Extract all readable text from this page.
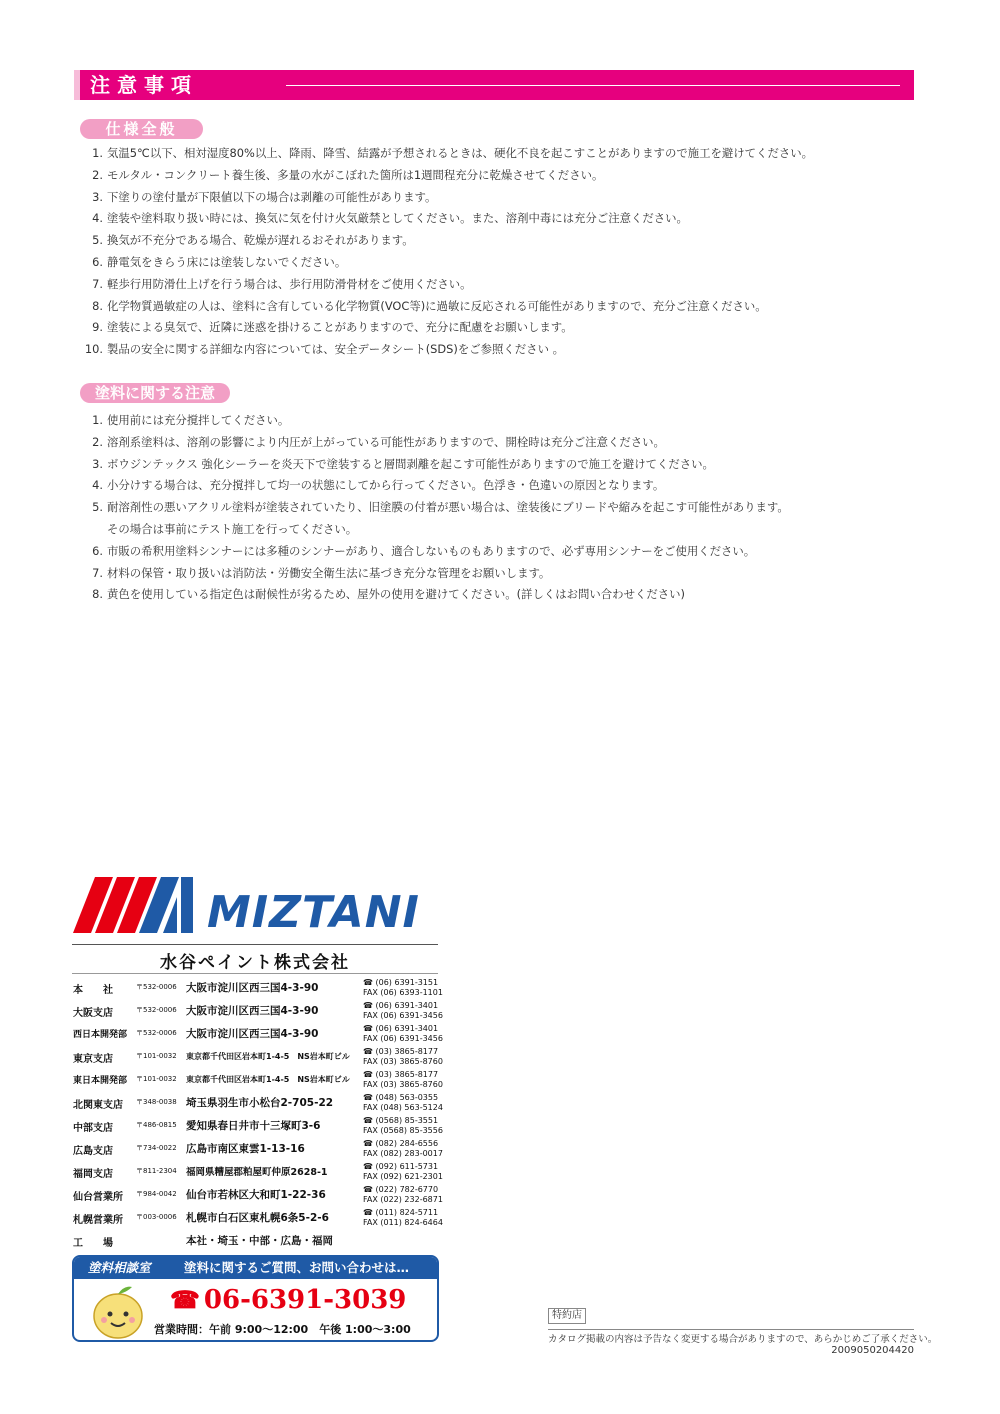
注意事項
仕様全般
1. 気温5℃以下、相対湿度80%以上、降雨、降雪、結露が予想されるときは、硬化不良を起こすことがありますので施工を避けてください。
2. モルタル・コンクリート養生後、多量の水がこぼれた箇所は1週間程充分に乾燥させてください。
3. 下塗りの塗付量が下限値以下の場合は剥離の可能性があります。
4. 塗装や塗料取り扱い時には、換気に気を付け火気厳禁としてください。また、溶剤中毒には充分ご注意ください。
5. 換気が不充分である場合、乾燥が遅れるおそれがあります。
6. 静電気をきらう床には塗装しないでください。
7. 軽歩行用防滑仕上げを行う場合は、歩行用防滑骨材をご使用ください。
8. 化学物質過敏症の人は、塗料に含有している化学物質(VOC等)に過敏に反応される可能性がありますので、充分ご注意ください。
9. 塗装による臭気で、近隣に迷惑を掛けることがありますので、充分に配慮をお願いします。
10. 製品の安全に関する詳細な内容については、安全データシート(SDS)をご参照ください 。
塗料に関する注意
1. 使用前には充分撹拌してください。
2. 溶剤系塗料は、溶剤の影響により内圧が上がっている可能性がありますので、開栓時は充分ご注意ください。
3. ボウジンテックス 強化シーラーを炎天下で塗装すると層間剥離を起こす可能性がありますので施工を避けてください。
4. 小分けする場合は、充分撹拌して均一の状態にしてから行ってください。色浮き・色違いの原因となります。
5. 耐溶剤性の悪いアクリル塗料が塗装されていたり、旧塗膜の付着が悪い場合は、塗装後にブリードや縮みを起こす可能性があります。
その場合は事前にテスト施工を行ってください。
6. 市販の希釈用塗料シンナーには多種のシンナーがあり、適合しないものもありますので、必ず専用シンナーをご使用ください。
7. 材料の保管・取り扱いは消防法・労働安全衛生法に基づき充分な管理をお願いします。
8. 黄色を使用している指定色は耐候性が劣るため、屋外の使用を避けてください。(詳しくはお問い合わせください)
MIZTANI
水谷ペイント株式会社
本　　社	〒532-0006 大阪市淀川区西三国4-3-90	☎ (06) 6391-3151
FAX (06) 6393-1101
大阪支店	〒532-0006 大阪市淀川区西三国4-3-90	☎ (06) 6391-3401
FAX (06) 6391-3456
西日本開発部	〒532-0006 大阪市淀川区西三国4-3-90	☎ (06) 6391-3401
FAX (06) 6391-3456
東京支店	〒101-0032 東京都千代田区岩本町1-4-5　NS岩本町ビル
☎ (03) 3865-8177
FAX (03) 3865-8760
東日本開発部	〒101-0032 東京都千代田区岩本町1-4-5　NS岩本町ビル
☎ (03) 3865-8177
FAX (03) 3865-8760
北関東支店	〒348-0038 埼玉県羽生市小松台2-705-22	☎ (048) 563-0355
FAX (048) 563-5124
中部支店	〒486-0815 愛知県春日井市十三塚町3-6	☎ (0568) 85-3551
FAX (0568) 85-3556
広島支店	〒734-0022 広島市南区東雲1-13-16	☎ (082) 284-6556
FAX (082) 283-0017
福岡支店	〒811-2304 福岡県糟屋郡粕屋町仲原2628-1
☎ (092) 611-5731
FAX (092) 621-2301
仙台営業所	〒984-0042 仙台市若林区大和町1-22-36	☎ (022) 782-6770
FAX (022) 232-6871
札幌営業所	〒003-0006 札幌市白石区東札幌6条5-2-6	☎ (011) 824-5711
FAX (011) 824-6464
工　　場	本社・埼玉・中部・広島・福岡
塗料相談室	塗料に関するご質問、お問い合わせは…
☎ 06-6391-3039
営業時間：午前 9:00〜12:00　午後 1:00〜3:00
特約店
カタログ掲載の内容は予告なく変更する場合がありますので、あらかじめご了承ください。
2009050204420
